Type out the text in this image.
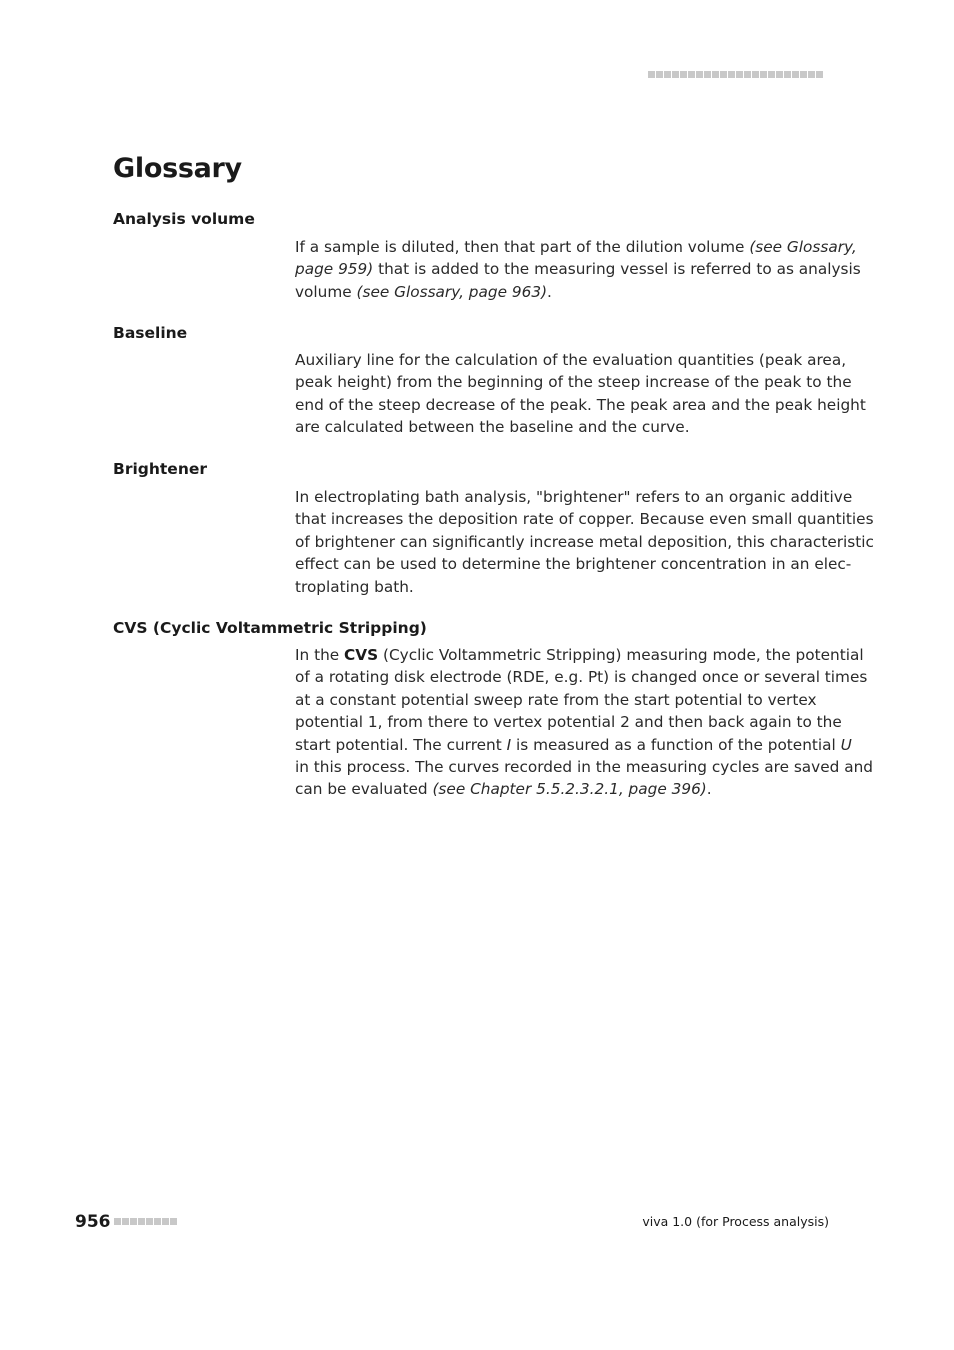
Glossary
Analysis volume

If a sample is diluted, then that part of the dilution volume (see Glossary,
page 959) that is added to the measuring vessel is referred to as analysis
volume (see Glossary, page 963).

Baseline

Auxiliary line for the calculation of the evaluation quantities (peak area,
peak height) from the beginning of the steep increase of the peak to the
end of the steep decrease of the peak. The peak area and the peak height
are calculated between the baseline and the curve.

Brightener

In electroplating bath analysis, "brightener" refers to an organic additive
that increases the deposition rate of copper. Because even small quantities
of brightener can significantly increase metal deposition, this characteristic
effect can be used to determine the brightener concentration in an elec-
troplating bath.

CVS (Cyclic Voltammetric Stripping)

In the CVS (Cyclic Voltammetric Stripping) measuring mode, the potential
of a rotating disk electrode (RDE, e.g. Pt) is changed once or several times
at a constant potential sweep rate from the start potential to vertex
potential 1, from there to vertex potential 2 and then back again to the
start potential. The current I is measured as a function of the potential U
in this process. The curves recorded in the measuring cycles are saved and
can be evaluated (see Chapter 5.5.2.3.2.1, page 396).

956	viva 1.0 (for Process analysis)
